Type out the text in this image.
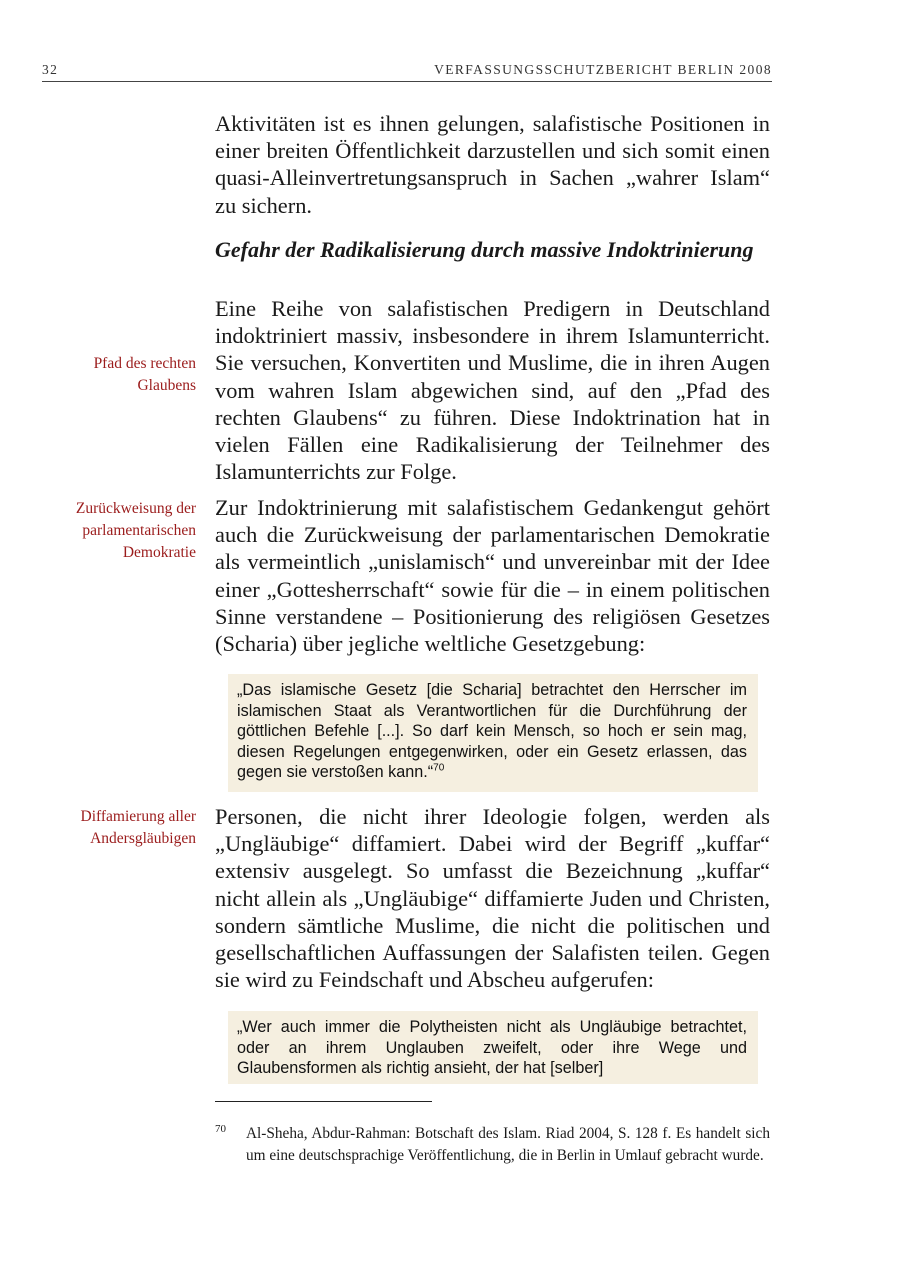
32	VERFASSUNGSSCHUTZBERICHT BERLIN 2008

Aktivitäten ist es ihnen gelungen, salafistische Positionen in einer breiten Öffentlichkeit darzustellen und sich somit einen quasi-Alleinvertretungsanspruch in Sachen „wahrer Islam“ zu sichern.

Gefahr der Radikalisierung durch massive Indoktrinierung

Eine Reihe von salafistischen Predigern in Deutschland indoktriniert massiv, insbesondere in ihrem Islamunterricht. Sie versuchen, Konvertiten und Muslime, die in ihren Augen vom wahren Islam abgewichen sind, auf den „Pfad des rechten Glaubens“ zu führen. Diese Indoktrination hat in vielen Fällen eine Radikalisierung der Teilnehmer des Islamunterrichts zur Folge.

Pfad des rechten
Glaubens

Zur Indoktrinierung mit salafistischem Gedankengut gehört auch die Zurückweisung der parlamentarischen Demokratie als vermeintlich „unislamisch“ und unvereinbar mit der Idee einer „Gottesherrschaft“ sowie für die – in einem politischen Sinne verstandene – Positionierung des religiösen Gesetzes (Scharia) über jegliche weltliche Gesetzgebung:

Zurückweisung der
parlamentarischen
Demokratie
„Das islamische Gesetz [die Scharia] betrachtet den Herrscher im islamischen Staat als Verantwortlichen für die Durchführung der göttlichen Befehle [...]. So darf kein Mensch, so hoch er sein mag, diesen Regelungen entgegenwirken, oder ein Gesetz erlassen, das gegen sie verstoßen kann.“$^{70}$

Personen, die nicht ihrer Ideologie folgen, werden als „Ungläubige“ diffamiert. Dabei wird der Begriff „kuffar“ extensiv ausgelegt. So umfasst die Bezeichnung „kuffar“ nicht allein als „Ungläubige“ diffamierte Juden und Christen, sondern sämtliche Muslime, die nicht die politischen und gesellschaftlichen Auffassungen der Salafisten teilen. Gegen sie wird zu Feindschaft und Abscheu aufgerufen:

Diffamierung aller
Andersgläubigen
„Wer auch immer die Polytheisten nicht als Ungläubige betrachtet, oder an ihrem Unglauben zweifelt, oder ihre Wege und Glaubensformen als richtig ansieht, der hat [selber]
70 Al-Sheha, Abdur-Rahman: Botschaft des Islam. Riad 2004, S. 128 f. Es handelt sich um eine deutschsprachige Veröffentlichung, die in Berlin in Umlauf gebracht wurde.
